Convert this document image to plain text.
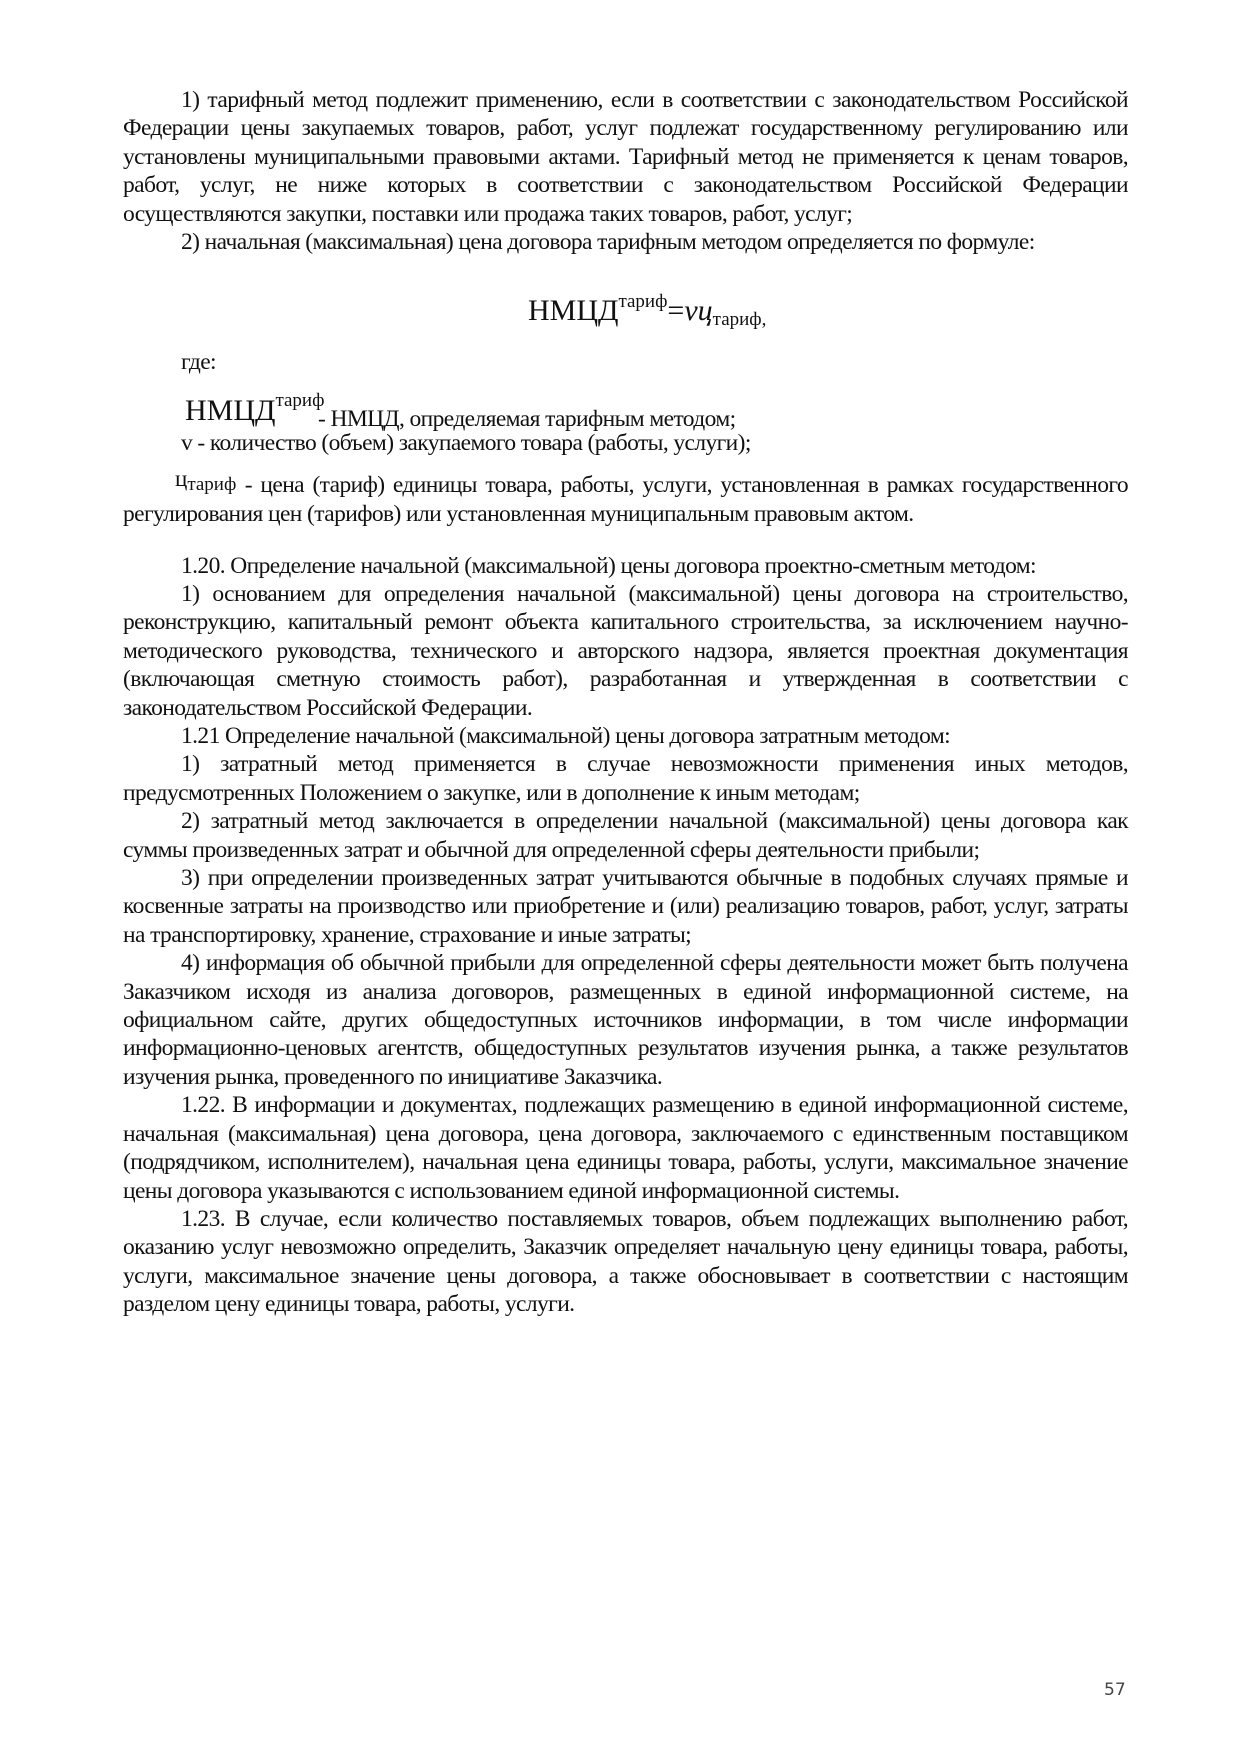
1) тарифный метод подлежит применению, если в соответствии с законодательством Российской Федерации цены закупаемых товаров, работ, услуг подлежат государственному регулированию или установлены муниципальными правовыми актами. Тарифный метод не применяется к ценам товаров, работ, услуг, не ниже которых в соответствии с законодательством Российской Федерации осуществляются закупки, поставки или продажа таких товаров, работ, услуг;

2) начальная (максимальная) цена договора тарифным методом определяется по формуле:

$НМЦД^{тариф}=vц_{тариф,}$
где:
$НМЦД^{тариф}$
- НМЦД, определяемая тарифным методом;
v - количество (объем) закупаемого товара (работы, услуги);

$ц_{тариф}$ - цена (тариф) единицы товара, работы, услуги, установленная в рамках государственного регулирования цен (тарифов) или установленная муниципальным правовым актом.

1.20. Определение начальной (максимальной) цены договора проектно-сметным методом:

1) основанием для определения начальной (максимальной) цены договора на строительство, реконструкцию, капитальный ремонт объекта капитального строительства, за исключением научно-методического руководства, технического и авторского надзора, является проектная документация (включающая сметную стоимость работ), разработанная и утвержденная в соответствии с законодательством Российской Федерации.

1.21 Определение начальной (максимальной) цены договора затратным методом:

1) затратный метод применяется в случае невозможности применения иных методов, предусмотренных Положением о закупке, или в дополнение к иным методам;

2) затратный метод заключается в определении начальной (максимальной) цены договора как суммы произведенных затрат и обычной для определенной сферы деятельности прибыли;

3) при определении произведенных затрат учитываются обычные в подобных случаях прямые и косвенные затраты на производство или приобретение и (или) реализацию товаров, работ, услуг, затраты на транспортировку, хранение, страхование и иные затраты;

4) информация об обычной прибыли для определенной сферы деятельности может быть получена Заказчиком исходя из анализа договоров, размещенных в единой информационной системе, на официальном сайте, других общедоступных источников информации, в том числе информации информационно-ценовых агентств, общедоступных результатов изучения рынка, а также результатов изучения рынка, проведенного по инициативе Заказчика.

1.22. В информации и документах, подлежащих размещению в единой информационной системе, начальная (максимальная) цена договора, цена договора, заключаемого с единственным поставщиком (подрядчиком, исполнителем), начальная цена единицы товара, работы, услуги, максимальное значение цены договора указываются с использованием единой информационной системы.

1.23. В случае, если количество поставляемых товаров, объем подлежащих выполнению работ, оказанию услуг невозможно определить, Заказчик определяет начальную цену единицы товара, работы, услуги, максимальное значение цены договора, а также обосновывает в соответствии с настоящим разделом цену единицы товара, работы, услуги.

57
